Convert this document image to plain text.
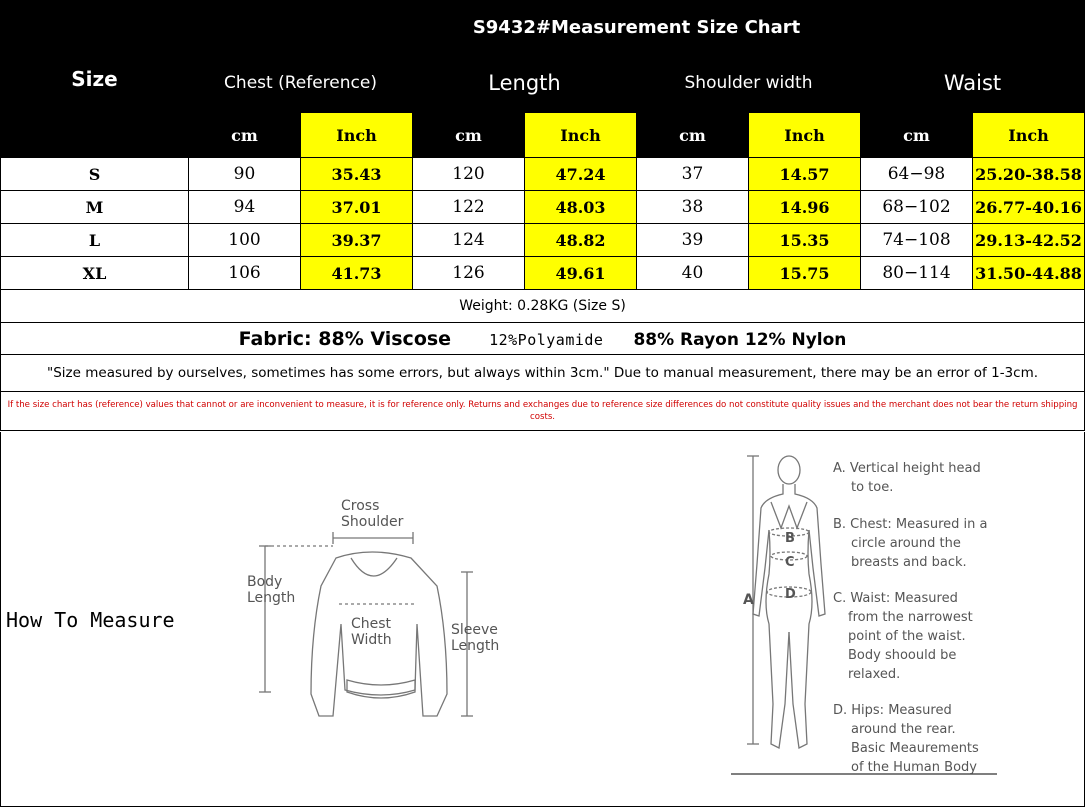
Size	S9432#Measurement Size Chart							
	Chest (Reference)		Length		Shoulder width		Waist	
	cm	Inch	cm	Inch	cm	Inch	cm	Inch
S	90	35.43	120	47.24	37	14.57	64−98	25.20-38.58
M	94	37.01	122	48.03	38	14.96	68−102	26.77-40.16
L	100	39.37	124	48.82	39	15.35	74−108	29.13-42.52
XL	106	41.73	126	49.61	40	15.75	80−114	31.50-44.88
Weight: 0.28KG (Size S)								
Fabric: 88% Viscose 12%Polyamide 88% Rayon 12% Nylon								
"Size measured by ourselves, sometimes has some errors, but always within 3cm." Due to manual measurement, there may be an error of 1-3cm.								
If the size chart has (reference) values that cannot or are inconvenient to measure, it is for reference only. Returns and exchanges due to reference size differences do not constitute quality issues and the merchant does not bear the return shipping costs.								
How To Measure
Cross
Shoulder
Body
Length
Chest
Width
Sleeve
Length
A
B
C
D
A. Vertical height head
to toe.
B. Chest: Measured in a
circle around the
breasts and back.
C. Waist: Measured
from the narrowest
point of the waist.
Body shoould be
relaxed.
D. Hips: Measured
around the rear.
Basic Meaurements
of the Human Body
